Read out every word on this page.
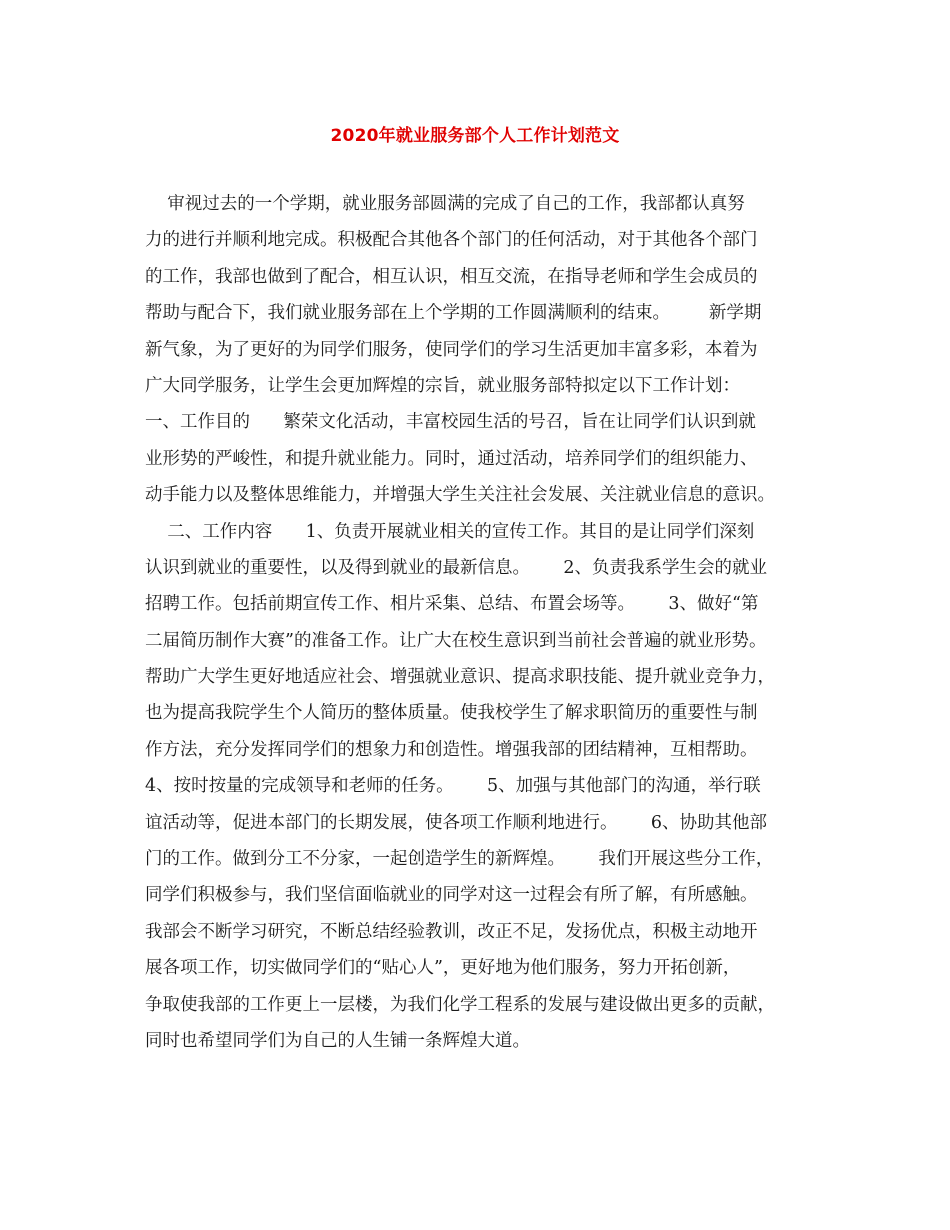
2020年就业服务部个人工作计划范文
审视过去的一个学期，就业服务部圆满的完成了自己的工作，我部都认真努
力的进行并顺利地完成。积极配合其他各个部门的任何活动，对于其他各个部门
的工作，我部也做到了配合，相互认识，相互交流，在指导老师和学生会成员的
帮助与配合下，我们就业服务部在上个学期的工作圆满顺利的结束。       新学期
新气象，为了更好的为同学们服务，使同学们的学习生活更加丰富多彩，本着为
广大同学服务，让学生会更加辉煌的宗旨，就业服务部特拟定以下工作计划：
一、工作目的      繁荣文化活动，丰富校园生活的号召，旨在让同学们认识到就
业形势的严峻性，和提升就业能力。同时，通过活动，培养同学们的组织能力、
动手能力以及整体思维能力，并增强大学生关注社会发展、关注就业信息的意识。
二、工作内容      1、负责开展就业相关的宣传工作。其目的是让同学们深刻
认识到就业的重要性，以及得到就业的最新信息。      2、负责我系学生会的就业
招聘工作。包括前期宣传工作、相片采集、总结、布置会场等。      3、做好“第
二届简历制作大赛”的准备工作。让广大在校生意识到当前社会普遍的就业形势。
帮助广大学生更好地适应社会、增强就业意识、提高求职技能、提升就业竞争力，
也为提高我院学生个人简历的整体质量。使我校学生了解求职简历的重要性与制
作方法，充分发挥同学们的想象力和创造性。增强我部的团结精神，互相帮助。
4、按时按量的完成领导和老师的任务。      5、加强与其他部门的沟通，举行联
谊活动等，促进本部门的长期发展，使各项工作顺利地进行。      6、协助其他部
门的工作。做到分工不分家，一起创造学生的新辉煌。      我们开展这些分工作，
同学们积极参与，我们坚信面临就业的同学对这一过程会有所了解，有所感触。
我部会不断学习研究，不断总结经验教训，改正不足，发扬优点，积极主动地开
展各项工作，切实做同学们的“贴心人”，更好地为他们服务，努力开拓创新，
争取使我部的工作更上一层楼，为我们化学工程系的发展与建设做出更多的贡献，
同时也希望同学们为自己的人生铺一条辉煌大道。
